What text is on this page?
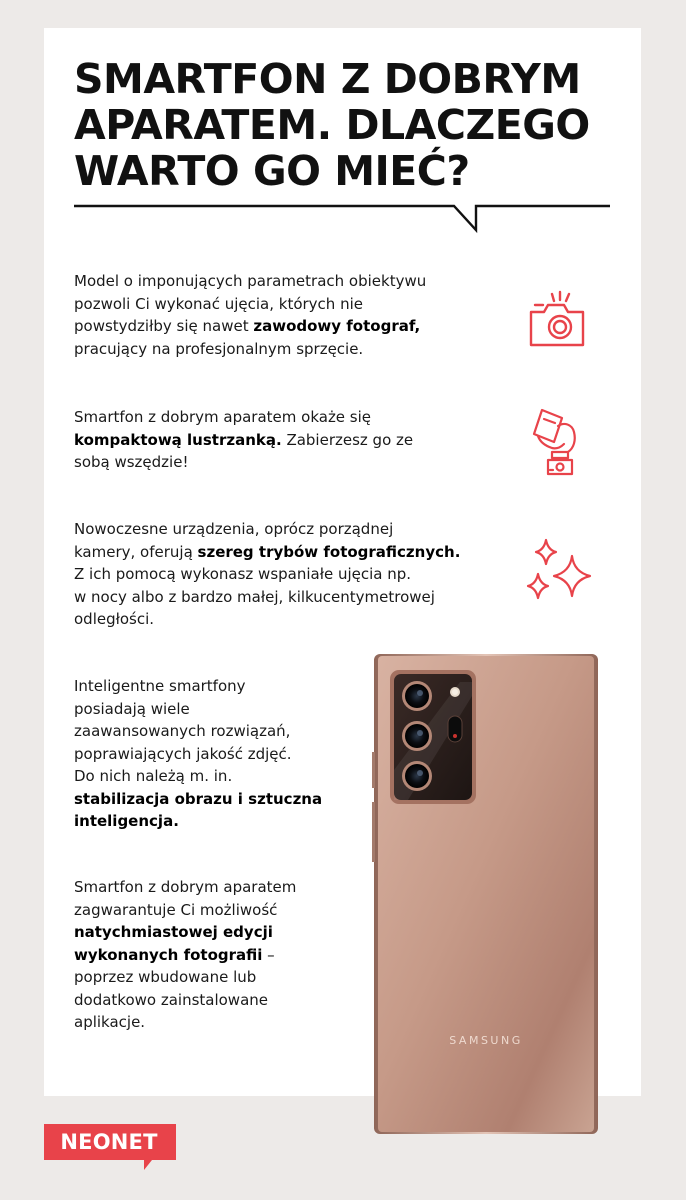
SMARTFON Z DOBRYM
APARATEM. DLACZEGO
WARTO GO MIEĆ?

Model o imponujących parametrach obiektywu
pozwoli Ci wykonać ujęcia, których nie
powstydziłby się nawet zawodowy fotograf,
pracujący na profesjonalnym sprzęcie.

Smartfon z dobrym aparatem okaże się
kompaktową lustrzanką. Zabierzesz go ze
sobą wszędzie!

Nowoczesne urządzenia, oprócz porządnej
kamery, oferują szereg trybów fotograficznych.
Z ich pomocą wykonasz wspaniałe ujęcia np.
w nocy albo z bardzo małej, kilkucentymetrowej
odległości.

Inteligentne smartfony
posiadają wiele
zaawansowanych rozwiązań,
poprawiających jakość zdjęć.
Do nich należą m. in.
stabilizacja obrazu i sztuczna
inteligencja.

Smartfon z dobrym aparatem
zagwarantuje Ci możliwość
natychmiastowej edycji
wykonanych fotografii –
poprzez wbudowane lub
dodatkowo zainstalowane
aplikacje.

SAMSUNG
NEONET
